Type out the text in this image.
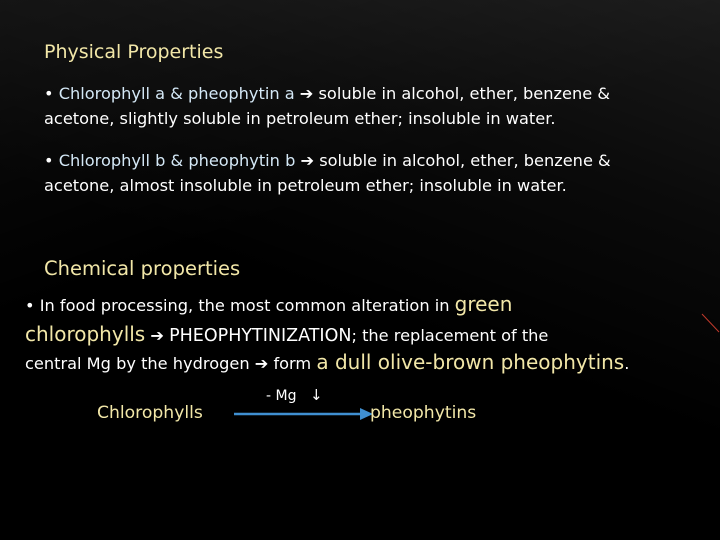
Physical Properties
• Chlorophyll a & pheophytin a ➔ soluble in alcohol, ether, benzene &
acetone, slightly soluble in petroleum ether; insoluble in water.
• Chlorophyll b & pheophytin b ➔ soluble in alcohol, ether, benzene &
acetone, almost insoluble in petroleum ether; insoluble in water.
Chemical properties
• In food processing, the most common alteration in green
chlorophylls ➔ PHEOPHYTINIZATION; the replacement of the
central Mg by the hydrogen ➔ form a dull olive-brown pheophytins.
Chlorophylls
- Mg ↓
pheophytins
